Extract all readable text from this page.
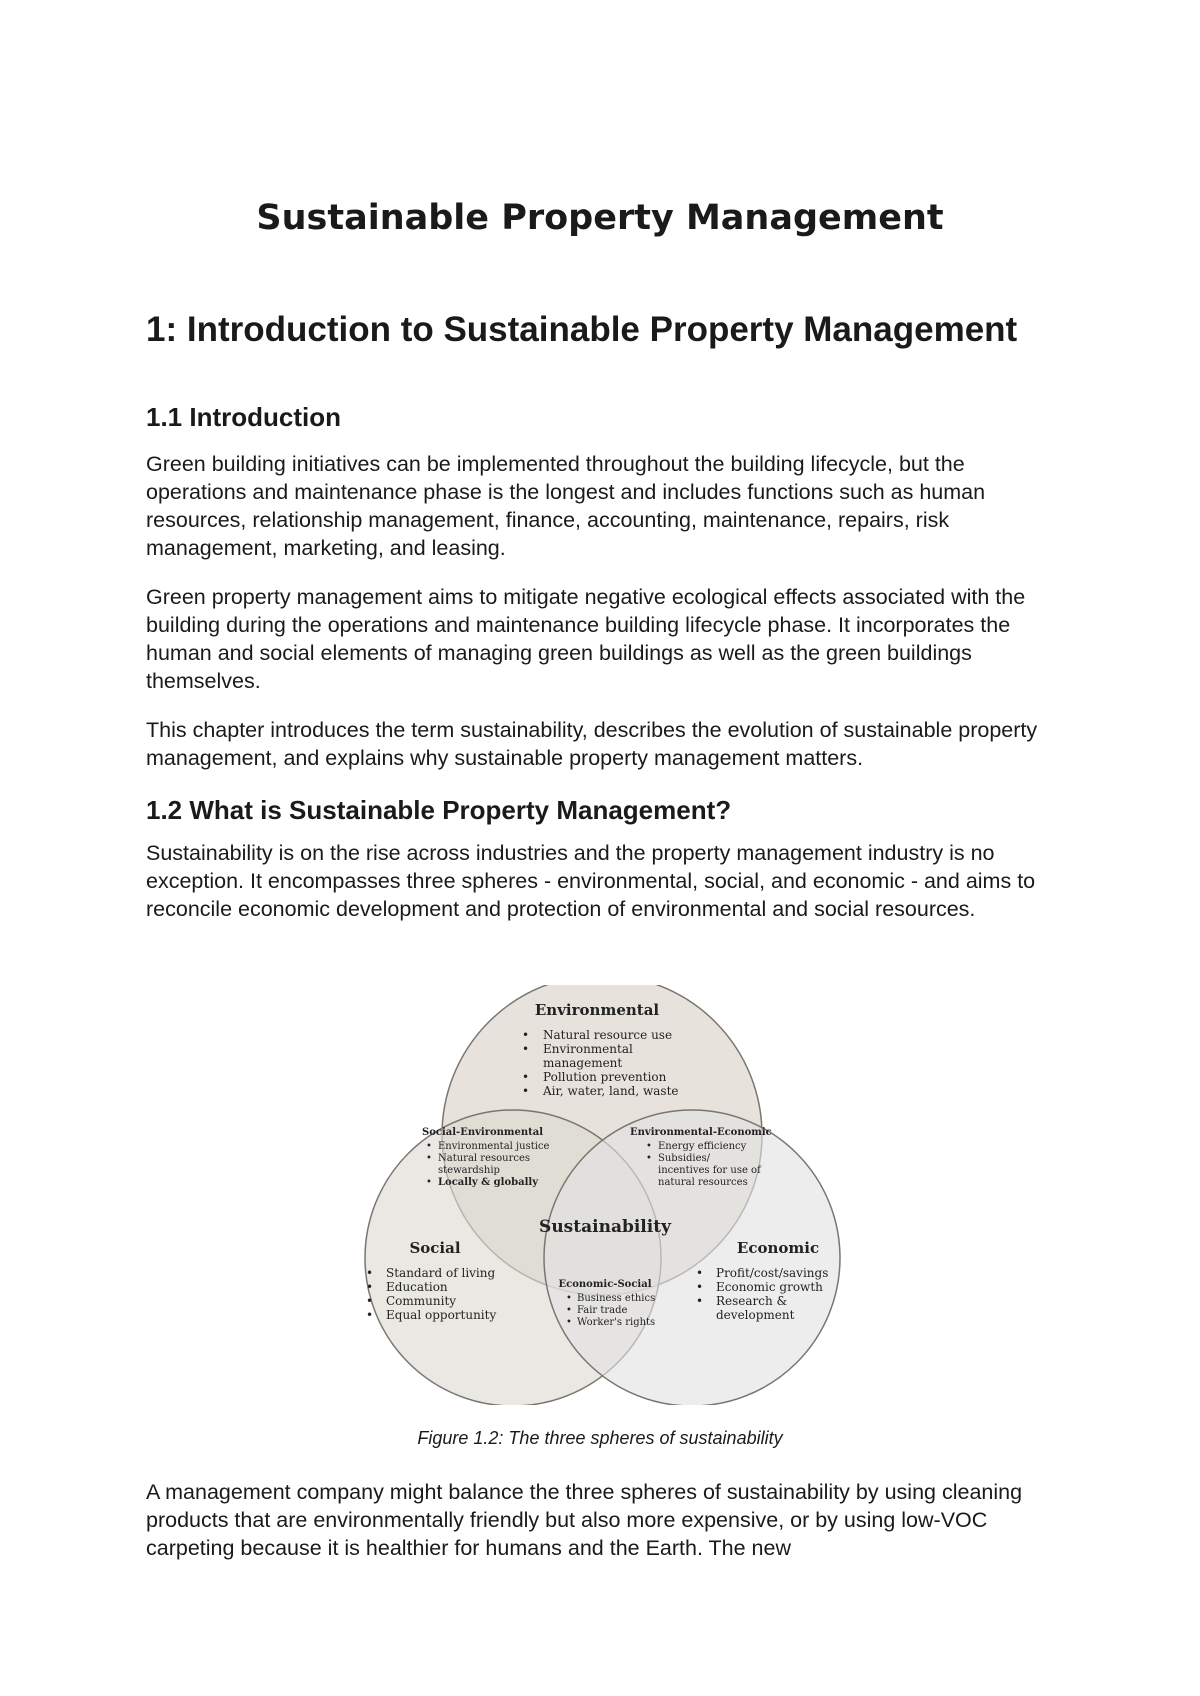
Sustainable Property Management
1: Introduction to Sustainable Property Management
1.1 Introduction

Green building initiatives can be implemented throughout the building lifecycle, but the operations and maintenance phase is the longest and includes functions such as human resources, relationship management, finance, accounting, maintenance, repairs, risk management, marketing, and leasing.

Green property management aims to mitigate negative ecological effects associated with the building during the operations and maintenance building lifecycle phase. It incorporates the human and social elements of managing green buildings as well as the green buildings themselves.

This chapter introduces the term sustainability, describes the evolution of sustainable property management, and explains why sustainable property management matters.

1.2 What is Sustainable Property Management?

Sustainability is on the rise across industries and the property management industry is no exception. It encompasses three spheres - environmental, social, and economic - and aims to reconcile economic development and protection of environmental and social resources.

Environmental
• Natural resource use
• Environmental
management
• Pollution prevention
• Air, water, land, waste
Social-Environmental
• Environmental justice
• Natural resources
stewardship
• Locally & globally
Environmental-Economic
• Energy efficiency
• Subsidies/
incentives for use of
natural resources
Sustainability
Social
• Standard of living
• Education
• Community
• Equal opportunity
Economic-Social
• Business ethics
• Fair trade
• Worker's rights
Economic
• Profit/cost/savings
• Economic growth
• Research &
development

Figure 1.2: The three spheres of sustainability

A management company might balance the three spheres of sustainability by using cleaning products that are environmentally friendly but also more expensive, or by using low-VOC carpeting because it is healthier for humans and the Earth. The new
